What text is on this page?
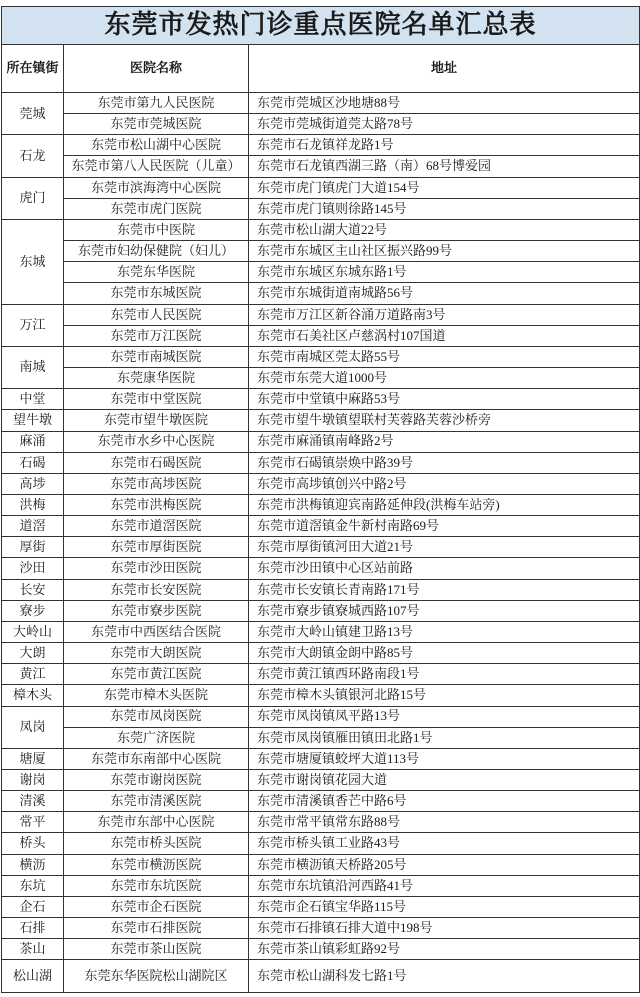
东莞市发热门诊重点医院名单汇总表		
所在镇街	医院名称	地址
莞城	东莞市第九人民医院	东莞市莞城区沙地塘88号
	东莞市莞城医院	东莞市莞城街道莞太路78号
石龙	东莞市松山湖中心医院	东莞市石龙镇祥龙路1号
	东莞市第八人民医院（儿童）	东莞市石龙镇西湖三路（南）68号博爱园
虎门	东莞市滨海湾中心医院	东莞市虎门镇虎门大道154号
	东莞市虎门医院	东莞市虎门镇则徐路145号
东城	东莞市中医院	东莞市松山湖大道22号
	东莞市妇幼保健院（妇儿）	东莞市东城区主山社区振兴路99号
	东莞东华医院	东莞市东城区东城东路1号
	东莞市东城医院	东莞市东城街道南城路56号
万江	东莞市人民医院	东莞市万江区新谷涌万道路南3号
	东莞市万江医院	东莞市石美社区卢慈涡村107国道
南城	东莞市南城医院	东莞市南城区莞太路55号
	东莞康华医院	东莞市东莞大道1000号
中堂	东莞市中堂医院	东莞市中堂镇中麻路53号
望牛墩	东莞市望牛墩医院	东莞市望牛墩镇望联村芙蓉路芙蓉沙桥旁
麻涌	东莞市水乡中心医院	东莞市麻涌镇南峰路2号
石碣	东莞市石碣医院	东莞市石碣镇崇焕中路39号
高埗	东莞市高埗医院	东莞市高埗镇创兴中路2号
洪梅	东莞市洪梅医院	东莞市洪梅镇迎宾南路延伸段(洪梅车站旁)
道滘	东莞市道滘医院	东莞市道滘镇金牛新村南路69号
厚街	东莞市厚街医院	东莞市厚街镇河田大道21号
沙田	东莞市沙田医院	东莞市沙田镇中心区站前路
长安	东莞市长安医院	东莞市长安镇长青南路171号
寮步	东莞市寮步医院	东莞市寮步镇寮城西路107号
大岭山	东莞市中西医结合医院	东莞市大岭山镇建卫路13号
大朗	东莞市大朗医院	东莞市大朗镇金朗中路85号
黄江	东莞市黄江医院	东莞市黄江镇西环路南段1号
樟木头	东莞市樟木头医院	东莞市樟木头镇银河北路15号
凤岗	东莞市凤岗医院	东莞市凤岗镇凤平路13号
	东莞广济医院	东莞市凤岗镇雁田镇田北路1号
塘厦	东莞市东南部中心医院	东莞市塘厦镇蛟坪大道113号
谢岗	东莞市谢岗医院	东莞市谢岗镇花园大道
清溪	东莞市清溪医院	东莞市清溪镇香芒中路6号
常平	东莞市东部中心医院	东莞市常平镇常东路88号
桥头	东莞市桥头医院	东莞市桥头镇工业路43号
横沥	东莞市横沥医院	东莞市横沥镇天桥路205号
东坑	东莞市东坑医院	东莞市东坑镇沿河西路41号
企石	东莞市企石医院	东莞市企石镇宝华路115号
石排	东莞市石排医院	东莞市石排镇石排大道中198号
茶山	东莞市茶山医院	东莞市茶山镇彩虹路92号
松山湖	东莞东华医院松山湖院区	东莞市松山湖科发七路1号
